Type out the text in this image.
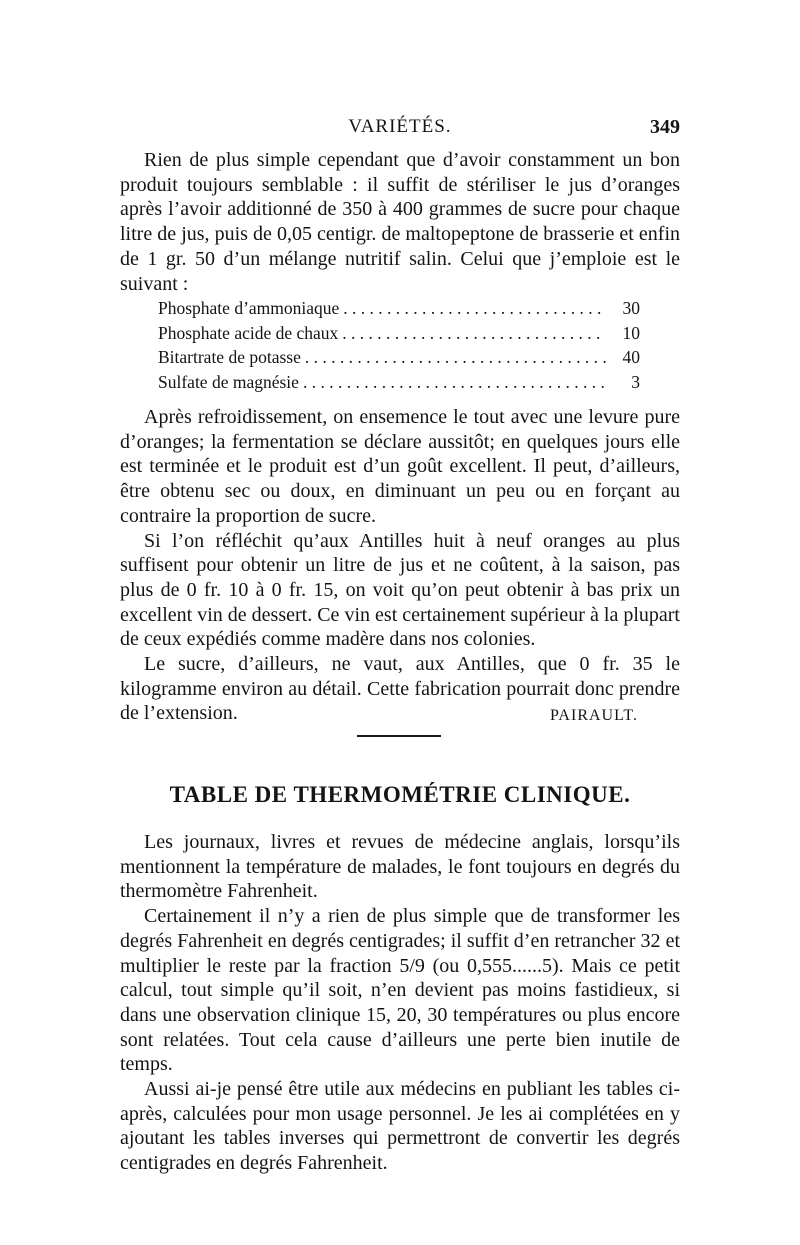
VARIÉTÉS.	349

Rien de plus simple cependant que d’avoir constamment un bon produit toujours semblable : il suffit de stériliser le jus d’oranges après l’avoir additionné de 350 à 400 grammes de sucre pour chaque litre de jus, puis de 0,05 centigr. de maltopeptone de brasserie et enfin de 1 gr. 50 d’un mélange nutritif salin. Celui que j’emploie est le suivant :

Phosphate d’ammoniaque . . .	30
Phosphate acide de chaux . . .	10
Bitartrate de potasse . . .	40
Sulfate de magnésie . . .	3

Après refroidissement, on ensemence le tout avec une levure pure d’oranges; la fermentation se déclare aussitôt; en quelques jours elle est terminée et le produit est d’un goût excellent. Il peut, d’ailleurs, être obtenu sec ou doux, en diminuant un peu ou en forçant au contraire la proportion de sucre.

Si l’on réfléchit qu’aux Antilles huit à neuf oranges au plus suffisent pour obtenir un litre de jus et ne coûtent, à la saison, pas plus de 0 fr. 10 à 0 fr. 15, on voit qu’on peut obtenir à bas prix un excellent vin de dessert. Ce vin est certainement supérieur à la plupart de ceux expédiés comme madère dans nos colonies.

Le sucre, d’ailleurs, ne vaut, aux Antilles, que 0 fr. 35 le kilogramme environ au détail. Cette fabrication pourrait donc prendre de l’extension.	PAIRAULT.
TABLE DE THERMOMÉTRIE CLINIQUE.

Les journaux, livres et revues de médecine anglais, lorsqu’ils mentionnent la température de malades, le font toujours en degrés du thermomètre Fahrenheit.

Certainement il n’y a rien de plus simple que de transformer les degrés Fahrenheit en degrés centigrades; il suffit d’en retrancher 32 et multiplier le reste par la fraction 5/9 (ou 0,555......5). Mais ce petit calcul, tout simple qu’il soit, n’en devient pas moins fastidieux, si dans une observation clinique 15, 20, 30 températures ou plus encore sont relatées. Tout cela cause d’ailleurs une perte bien inutile de temps.

Aussi ai-je pensé être utile aux médecins en publiant les tables ci-après, calculées pour mon usage personnel. Je les ai complétées en y ajoutant les tables inverses qui permettront de convertir les degrés centigrades en degrés Fahrenheit.
